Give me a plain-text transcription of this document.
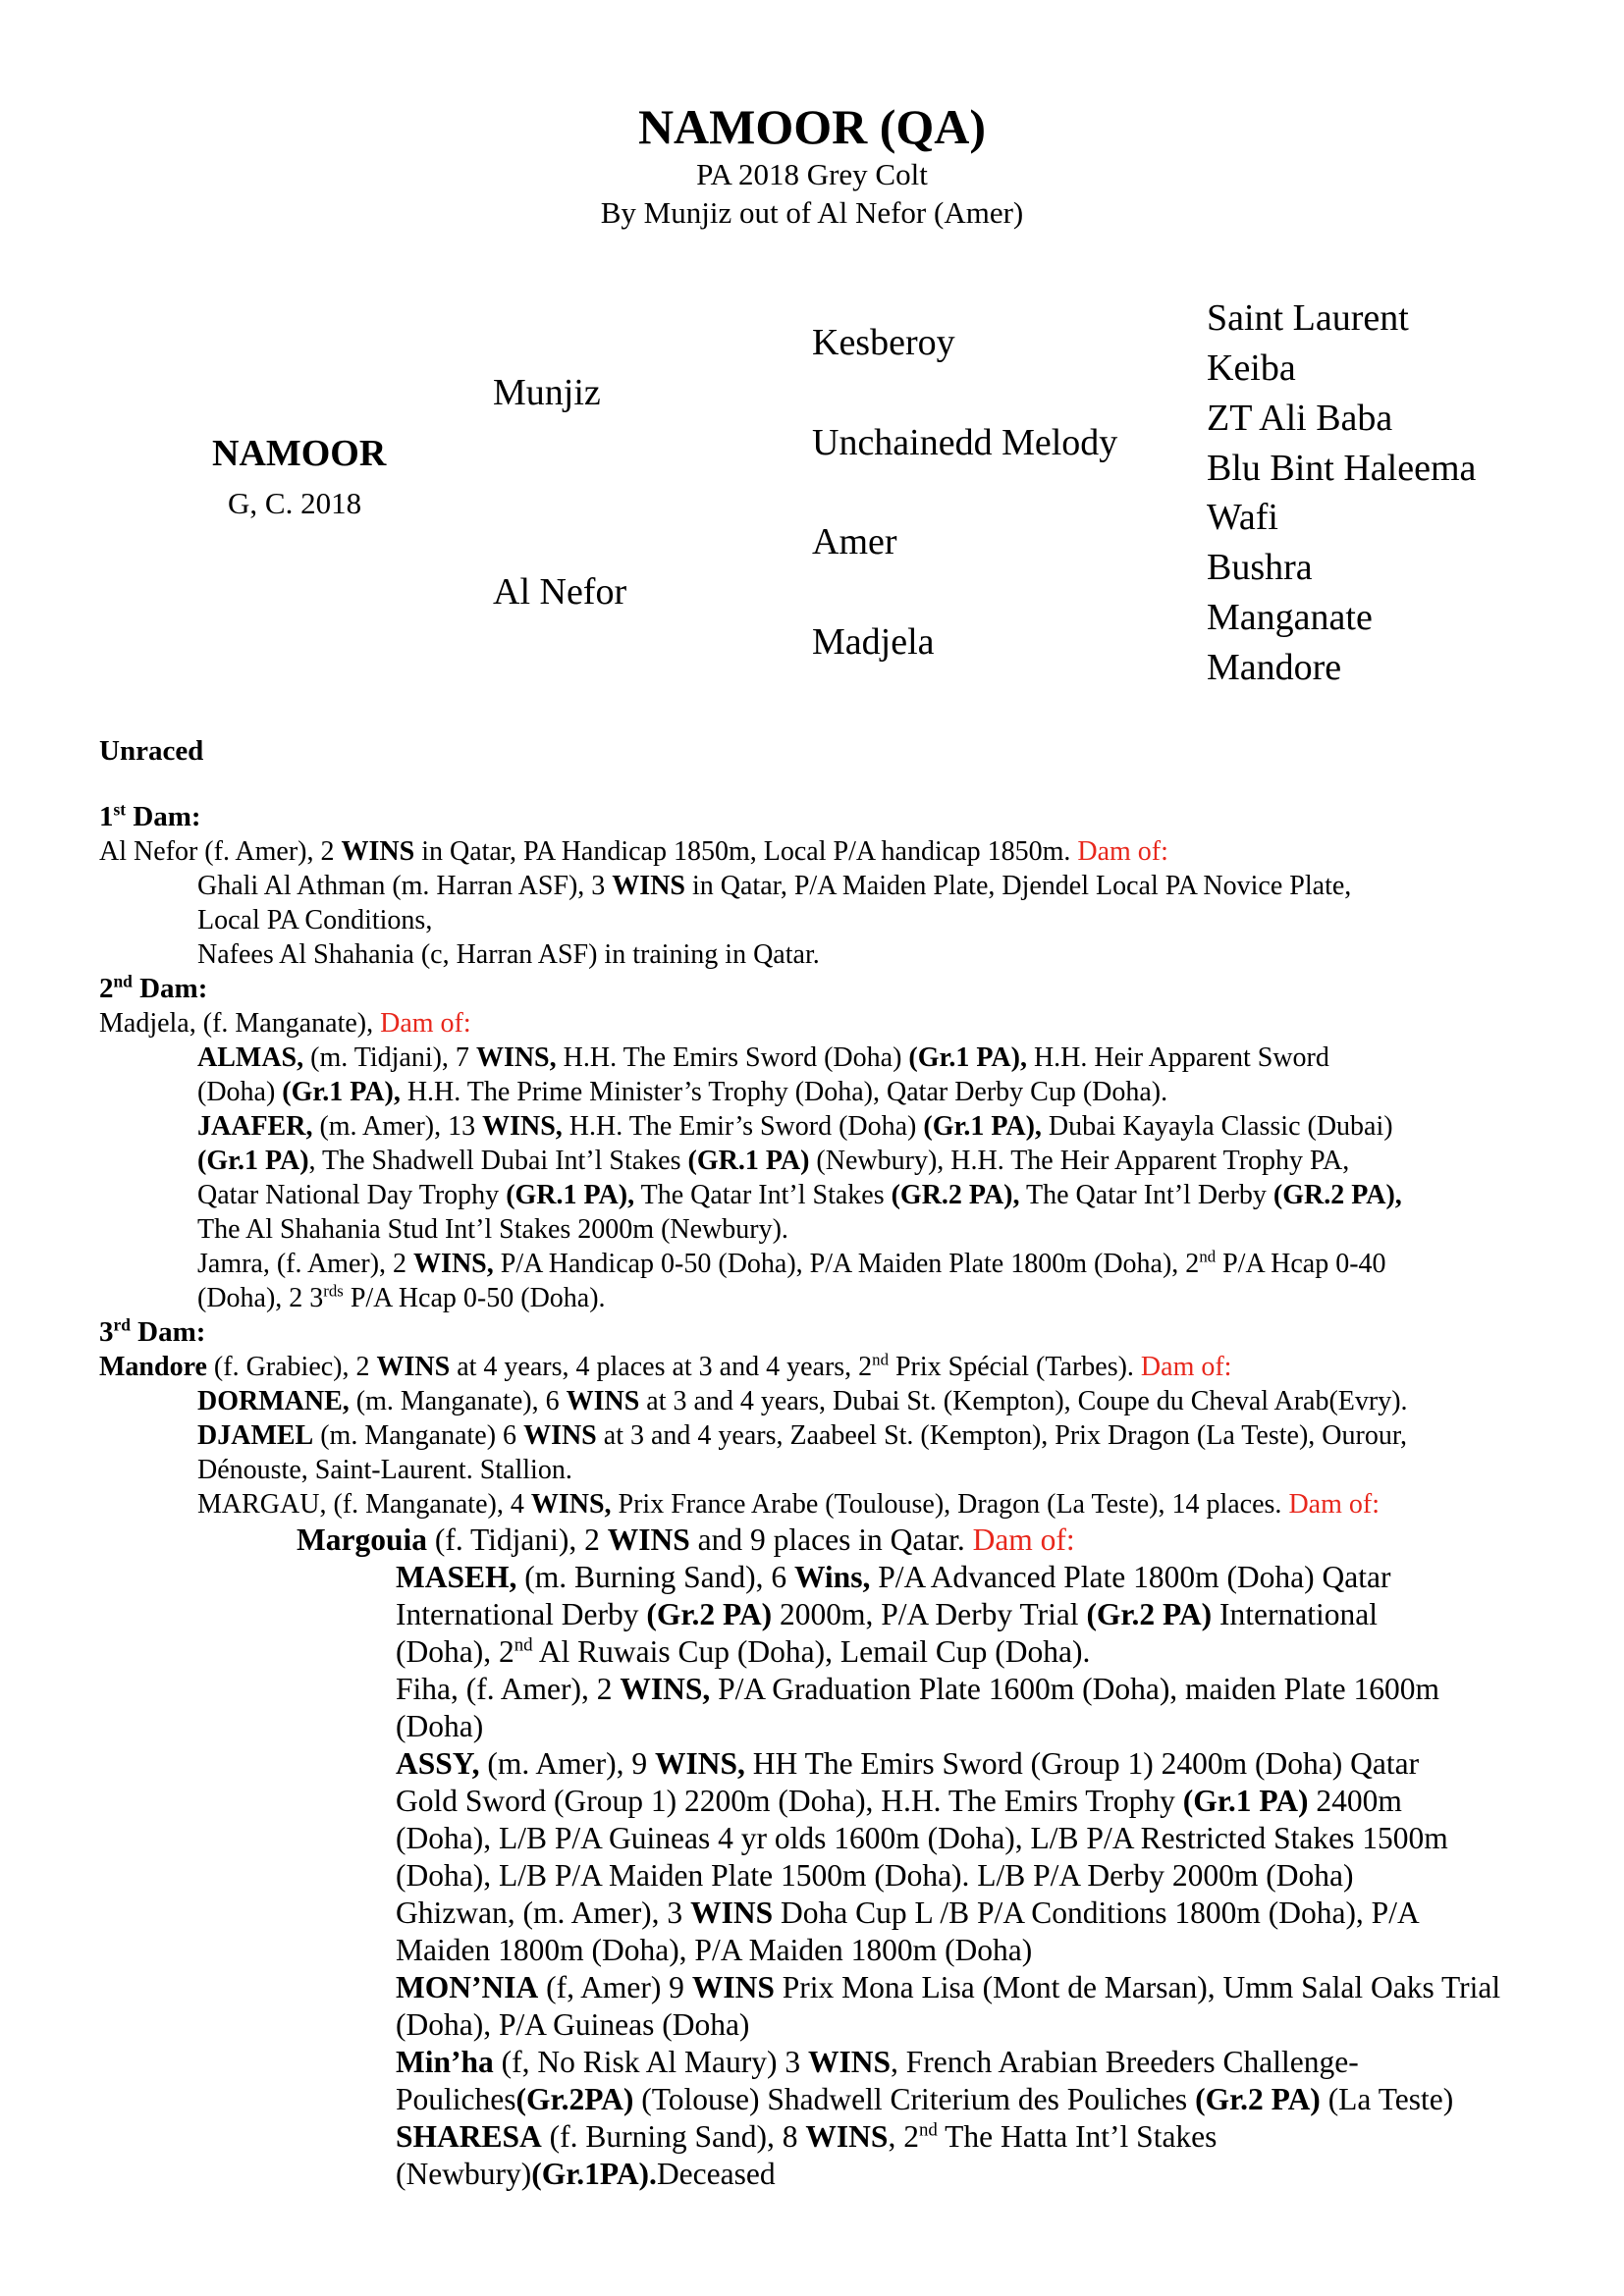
NAMOOR (QA)
PA 2018 Grey Colt
By Munjiz out of Al Nefor (Amer)
NAMOOR
G, C. 2018
Munjiz
Al Nefor
Kesberoy
Unchainedd Melody
Amer
Madjela
Saint Laurent
Keiba
ZT Ali Baba
Blu Bint Haleema
Wafi
Bushra
Manganate
Mandore

Unraced

1st Dam:

Al Nefor (f. Amer), 2 WINS in Qatar, PA Handicap 1850m, Local P/A handicap 1850m. Dam of:

Ghali Al Athman (m. Harran ASF), 3 WINS in Qatar, P/A Maiden Plate, Djendel Local PA Novice Plate,

Local PA Conditions,

Nafees Al Shahania (c, Harran ASF) in training in Qatar.

2nd Dam:

Madjela, (f. Manganate), Dam of:

ALMAS, (m. Tidjani), 7 WINS, H.H. The Emirs Sword (Doha) (Gr.1 PA), H.H. Heir Apparent Sword

(Doha) (Gr.1 PA), H.H. The Prime Minister’s Trophy (Doha), Qatar Derby Cup (Doha).

JAAFER, (m. Amer), 13 WINS, H.H. The Emir’s Sword (Doha) (Gr.1 PA), Dubai Kayayla Classic (Dubai)

(Gr.1 PA), The Shadwell Dubai Int’l Stakes (GR.1 PA) (Newbury), H.H. The Heir Apparent Trophy PA,

Qatar National Day Trophy (GR.1 PA), The Qatar Int’l Stakes (GR.2 PA), The Qatar Int’l Derby (GR.2 PA),

The Al Shahania Stud Int’l Stakes 2000m (Newbury).

Jamra, (f. Amer), 2 WINS, P/A Handicap 0-50 (Doha), P/A Maiden Plate 1800m (Doha), 2nd P/A Hcap 0-40

(Doha), 2 $3^{rds}$ P/A Hcap 0-50 (Doha).

3rd Dam:

Mandore (f. Grabiec), 2 WINS at 4 years, 4 places at 3 and 4 years, 2nd Prix Spécial (Tarbes). Dam of:

DORMANE, (m. Manganate), 6 WINS at 3 and 4 years, Dubai St. (Kempton), Coupe du Cheval Arab(Evry).

DJAMEL (m. Manganate) 6 WINS at 3 and 4 years, Zaabeel St. (Kempton), Prix Dragon (La Teste), Ourour,

Dénouste, Saint-Laurent. Stallion.

MARGAU, (f. Manganate), 4 WINS, Prix France Arabe (Toulouse), Dragon (La Teste), 14 places. Dam of:

Margouia (f. Tidjani), 2 WINS and 9 places in Qatar. Dam of:

MASEH, (m. Burning Sand), 6 Wins, P/A Advanced Plate 1800m (Doha) Qatar

International Derby (Gr.2 PA) 2000m, P/A Derby Trial (Gr.2 PA) International

(Doha), 2nd Al Ruwais Cup (Doha), Lemail Cup (Doha).

Fiha, (f. Amer), 2 WINS, P/A Graduation Plate 1600m (Doha), maiden Plate 1600m

(Doha)

ASSY, (m. Amer), 9 WINS, HH The Emirs Sword (Group 1) 2400m (Doha) Qatar

Gold Sword (Group 1) 2200m (Doha), H.H. The Emirs Trophy (Gr.1 PA) 2400m

(Doha), L/B P/A Guineas 4 yr olds 1600m (Doha), L/B P/A Restricted Stakes 1500m

(Doha), L/B P/A Maiden Plate 1500m (Doha). L/B P/A Derby 2000m (Doha)

Ghizwan, (m. Amer), 3 WINS Doha Cup L /B P/A Conditions 1800m (Doha), P/A

Maiden 1800m (Doha), P/A Maiden 1800m (Doha)

MON’NIA (f, Amer) 9 WINS Prix Mona Lisa (Mont de Marsan), Umm Salal Oaks Trial

(Doha), P/A Guineas (Doha)

Min’ha (f, No Risk Al Maury) 3 WINS, French Arabian Breeders Challenge-

Pouliches(Gr.2PA) (Tolouse) Shadwell Criterium des Pouliches (Gr.2 PA) (La Teste)

SHARESA (f. Burning Sand), 8 WINS, 2nd The Hatta Int’l Stakes

(Newbury)(Gr.1PA).Deceased
